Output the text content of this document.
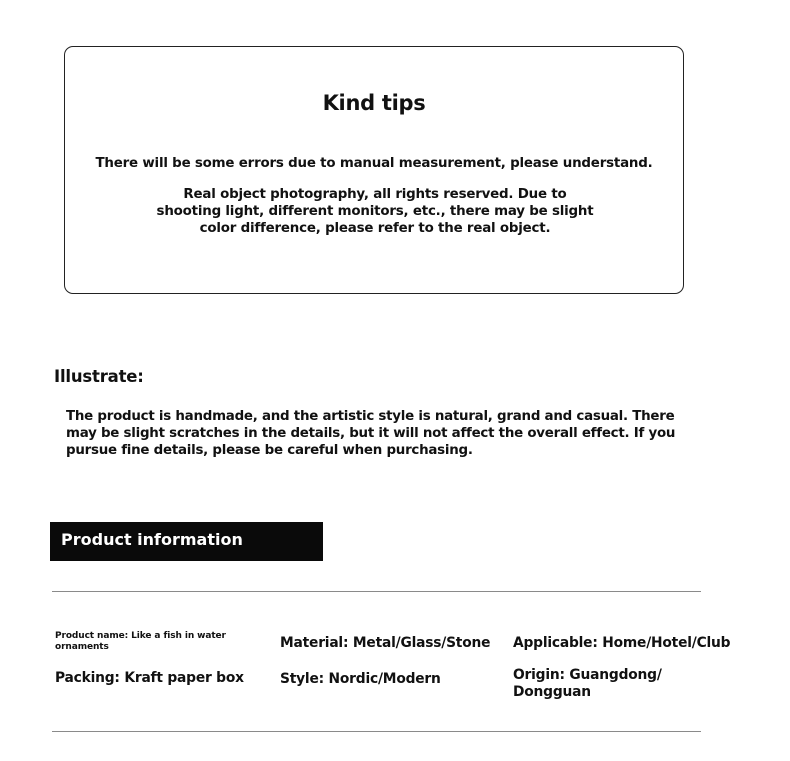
Kind tips
There will be some errors due to manual measurement, please understand.
Real object photography, all rights reserved. Due to shooting light, different monitors, etc., there may be slight color difference, please refer to the real object.
Illustrate:
The product is handmade, and the artistic style is natural, grand and casual. There may be slight scratches in the details, but it will not affect the overall effect. If you pursue fine details, please be careful when purchasing.
Product information
Product name: Like a fish in water ornaments	Material: Metal/Glass/Stone Applicable: Home/Hotel/Club
Packing: Kraft paper box	Style: Nordic/Modern	Origin: Guangdong/ Dongguan
